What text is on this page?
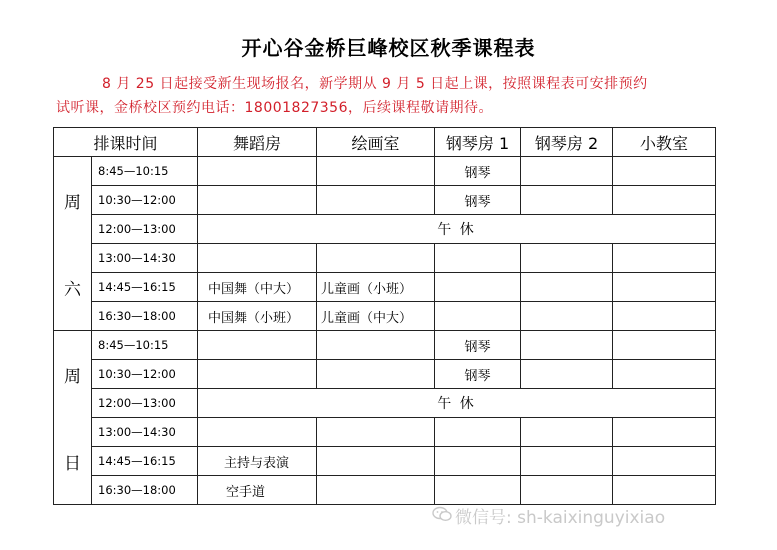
开心谷金桥巨峰校区秋季课程表
8 月 25 日起接受新生现场报名，新学期从 9 月 5 日起上课，按照课程表可安排预约
试听课，金桥校区预约电话：18001827356，后续课程敬请期待。
排课时间		舞蹈房	绘画室	钢琴房 1	钢琴房 2	小教室

周
六	8:45—10:15			钢琴		
	10:30—12:00			钢琴		
	12:00—13:00	午 休				
	13:00—14:30					
	14:45—16:15	中国舞（中大）	儿童画（小班）			
	16:30—18:00	中国舞（小班）	儿童画（中大）			

周
日	8:45—10:15			钢琴		
	10:30—12:00			钢琴		
	12:00—13:00	午 休				
	13:00—14:30					
	14:45—16:15	主持与表演				
	16:30—18:00	空手道				
微信号: sh-kaixinguyixiao
